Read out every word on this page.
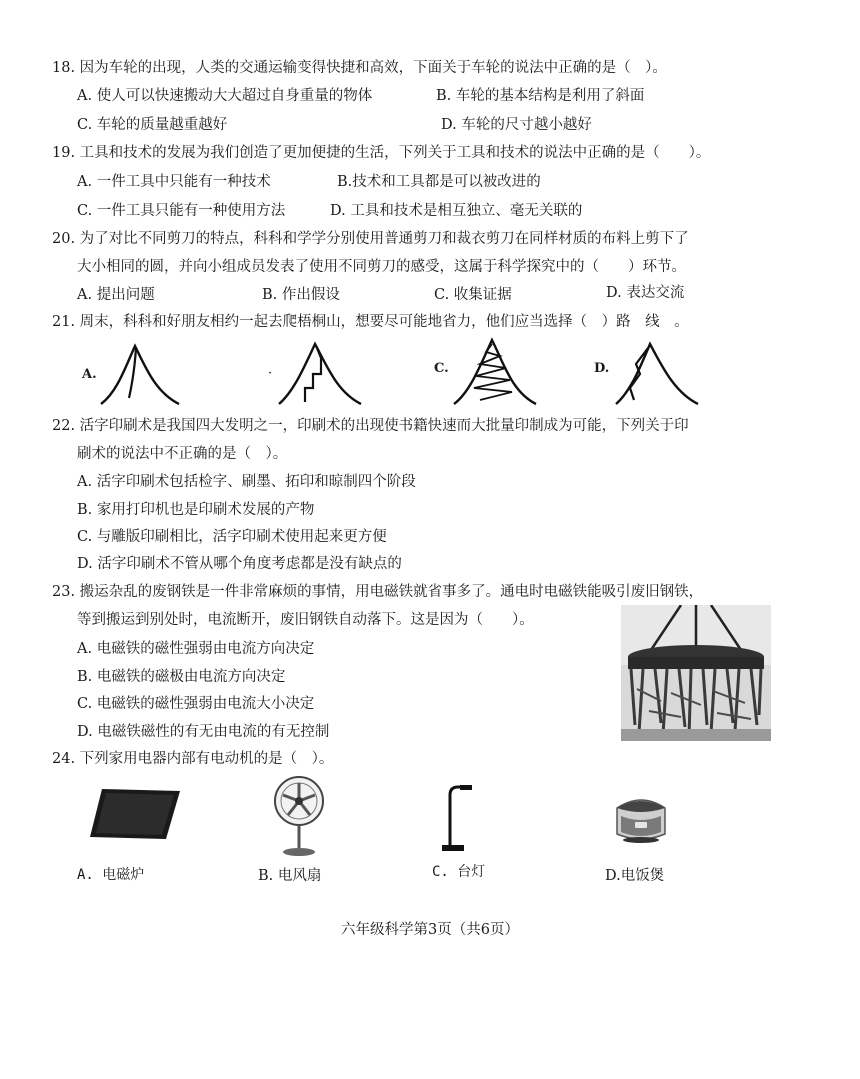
18. 因为车轮的出现，人类的交通运输变得快捷和高效，下面关于车轮的说法中正确的是（　）。
A. 使人可以快速搬动大大超过自身重量的物体	B. 车轮的基本结构是利用了斜面
C. 车轮的质量越重越好	D. 车轮的尺寸越小越好
19. 工具和技术的发展为我们创造了更加便捷的生活，下列关于工具和技术的说法中正确的是（　　）。
A. 一件工具中只能有一种技术	B.技术和工具都是可以被改进的
C. 一件工具只能有一种使用方法	D. 工具和技术是相互独立、毫无关联的
20. 为了对比不同剪刀的特点，科科和学学分别使用普通剪刀和裁衣剪刀在同样材质的布料上剪下了
大小相同的圆，并向小组成员发表了使用不同剪刀的感受，这属于科学探究中的（　　）环节。
A. 提出问题	B. 作出假设	C. 收集证据	D. 表达交流
21. 周末，科科和好朋友相约一起去爬梧桐山，想要尽可能地省力，他们应当选择（　）路　线　。
A.	·	C.	D.
22. 活字印刷术是我国四大发明之一，印刷术的出现使书籍快速而大批量印制成为可能，下列关于印
刷术的说法中不正确的是（　）。
A. 活字印刷术包括检字、刷墨、拓印和晾制四个阶段
B. 家用打印机也是印刷术发展的产物
C. 与雕版印刷相比，活字印刷术使用起来更方便
D. 活字印刷术不管从哪个角度考虑都是没有缺点的
23. 搬运杂乱的废钢铁是一件非常麻烦的事情，用电磁铁就省事多了。通电时电磁铁能吸引废旧钢铁，
等到搬运到别处时，电流断开，废旧钢铁自动落下。这是因为（　　）。
A. 电磁铁的磁性强弱由电流方向决定
B. 电磁铁的磁极由电流方向决定
C. 电磁铁的磁性强弱由电流大小决定
D. 电磁铁磁性的有无由电流的有无控制
24. 下列家用电器内部有电动机的是（　）。
A. 电磁炉	B. 电风扇	C. 台灯	D.电饭煲
六年级科学第3页（共6页）
